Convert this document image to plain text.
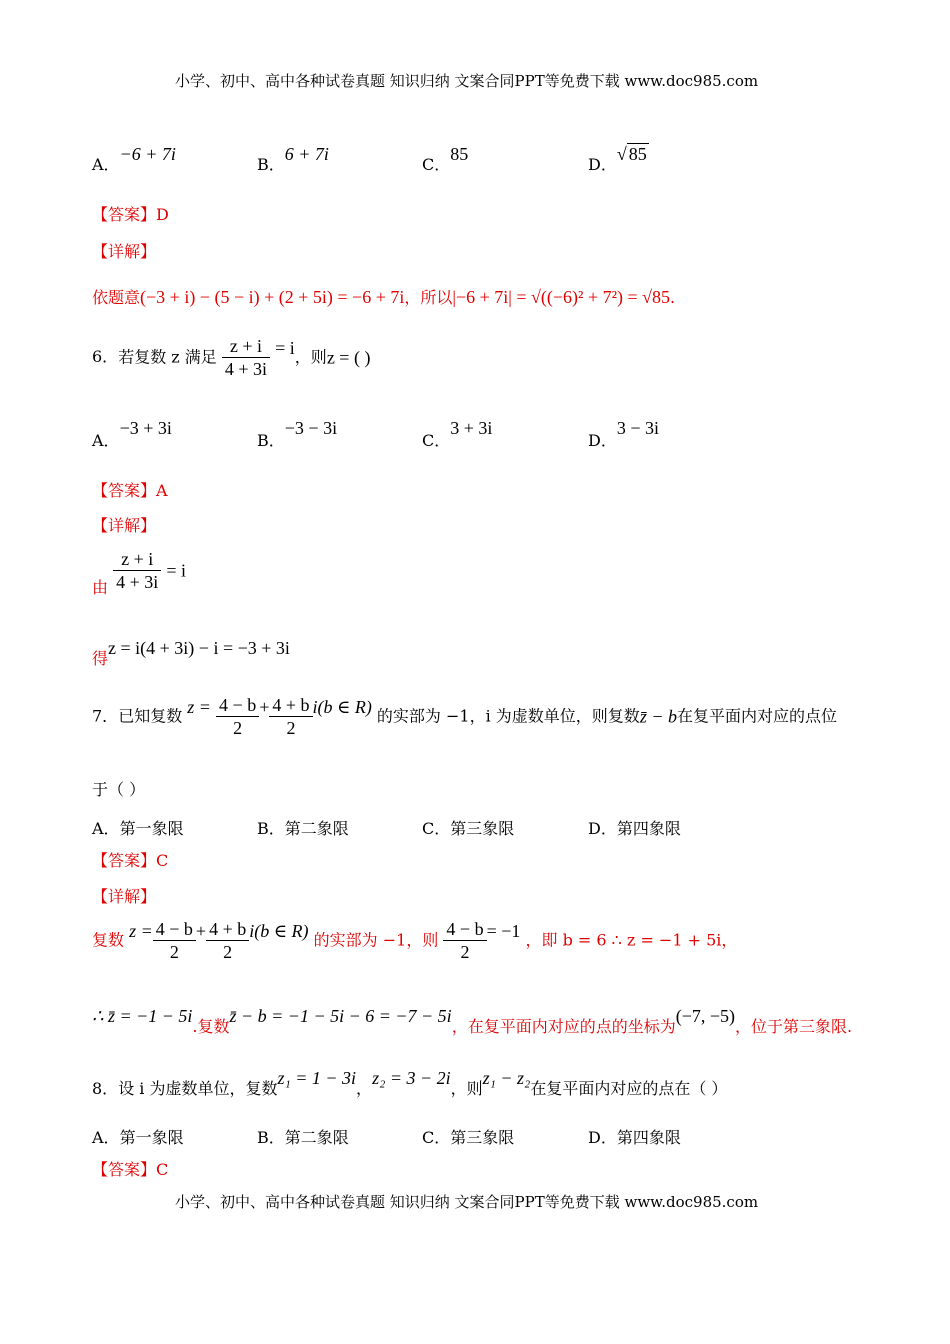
小学、初中、高中各种试卷真题 知识归纳 文案合同PPT等免费下载 www.doc985.com
A．−6 + 7i
B．6 + 7i
C．85
D．√ 85
【答案】D
【详解】
依题意(−3 + i) − (5 − i) + (2 + 5i) = −6 + 7i，所以|−6 + 7i| = √((−6)² + 7²) = √85.
6．若复数 z 满足 $\frac{z + i}{4 + 3i} = i$，则z = ( )
A．−3 + 3i
B．−3 − 3i
C．3 + 3i
D．3 − 3i
【答案】A
【详解】
由 $\frac{z + i}{4 + 3i} = i$
得z = i(4 + 3i) − i = −3 + 3i
7．已知复数 $z = \frac{4 - b}{2} + \frac{4 + b}{2} i(b$ ∈ R) 的实部为 −1，i 为虚数单位，则复数z̄ − b在复平面内对应的点位
于（ ）
A．第一象限	B．第二象限	C．第三象限	D．第四象限
【答案】C
【详解】
复数 $z = \frac{4 - b}{2} + \frac{4 + b}{2} i(b$ ∈ R) 的实部为 −1，则 $\frac{4 - b}{2} = -1$ ，即 b = 6 ∴ z = −1 + 5i，
∴ z̄ = −1 − 5i.复数z̄ − b = −1 − 5i − 6 = −7 − 5i，在复平面内对应的点的坐标为(−7, −5)，位于第三象限.
8．设 i 为虚数单位，复数z₁ = 1 − 3i，z₂ = 3 − 2i，则z₁ − z₂在复平面内对应的点在（ ）
A．第一象限	B．第二象限	C．第三象限	D．第四象限
【答案】C
小学、初中、高中各种试卷真题 知识归纳 文案合同PPT等免费下载 www.doc985.com
